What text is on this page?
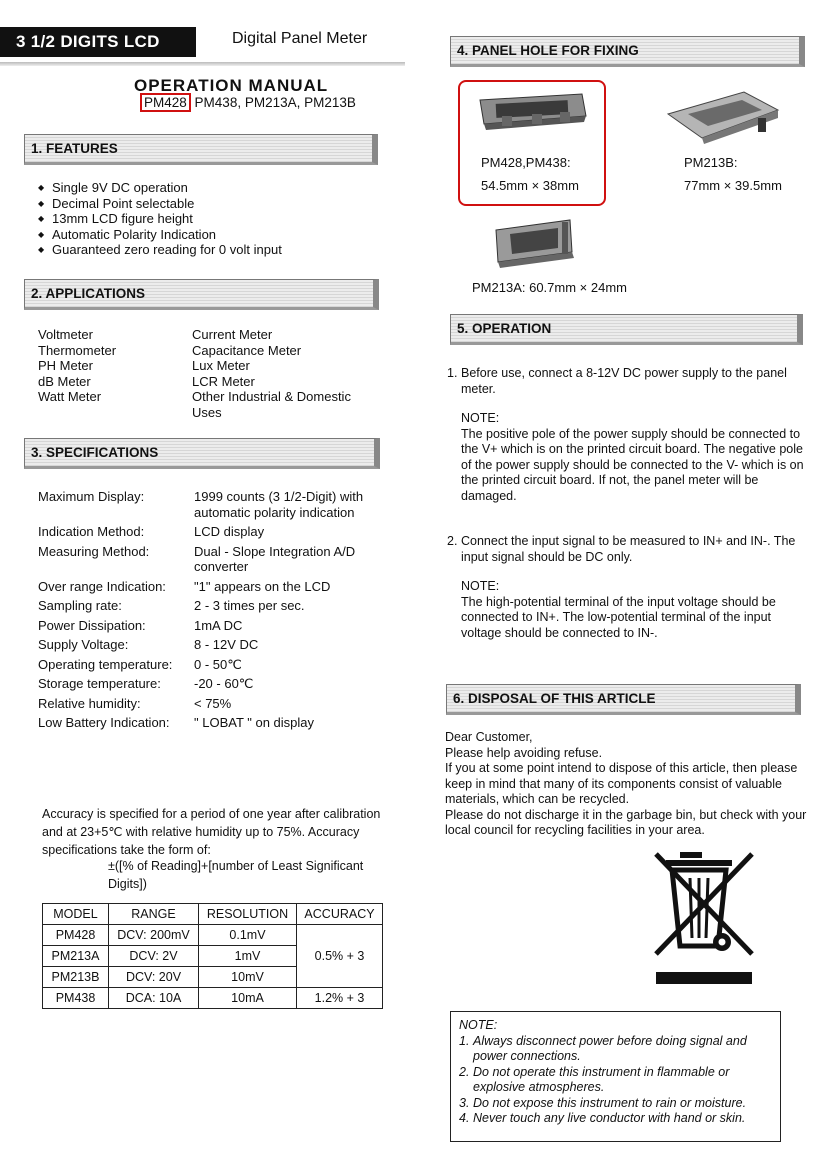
3 1/2 DIGITS LCD	Digital Panel Meter
OPERATION MANUAL
PM428 PM438, PM213A, PM213B
1. FEATURES
◆ Single 9V DC operation
◆ Decimal Point selectable
◆ 13mm LCD figure height
◆ Automatic Polarity Indication
◆ Guaranteed zero reading for 0 volt input
2. APPLICATIONS
Voltmeter	Current Meter
Thermometer	Capacitance Meter
PH Meter	Lux Meter
dB Meter	LCR Meter
Watt Meter	Other Industrial & Domestic Uses
3. SPECIFICATIONS
Maximum Display:	1999 counts (3 1/2-Digit) with automatic polarity indication
Indication Method:	LCD display
Measuring Method:	Dual - Slope Integration A/D converter
Over range Indication:	"1" appears on the LCD
Sampling rate:	2 - 3 times per sec.
Power Dissipation:	1mA DC
Supply Voltage:	8 - 12V DC
Operating temperature:	0 - 50℃
Storage temperature:	-20 - 60℃
Relative humidity:	< 75%
Low Battery Indication:	" LOBAT " on display
Accuracy is specified for a period of one year after calibration and at 23+5℃ with relative humidity up to 75%. Accuracy specifications take the form of:
±([% of Reading]+[number of Least Significant Digits])
MODEL	RANGE	RESOLUTION	ACCURACY
PM428	DCV: 200mV	0.1mV	0.5% + 3
PM213A	DCV: 2V	1mV	
PM213B	DCV: 20V	10mV	
PM438	DCA: 10A	10mA	1.2% + 3
4. PANEL HOLE FOR FIXING
PM428,PM438:
54.5mm × 38mm
PM213B:
77mm × 39.5mm
PM213A: 60.7mm × 24mm
5. OPERATION
1. Before use, connect a 8-12V DC power supply to the panel meter.
NOTE:
The positive pole of the power supply should be connected to the V+ which is on the printed circuit board. The negative pole of the power supply should be connected to the V- which is on the printed circuit board. If not, the panel meter will be damaged.
2. Connect the input signal to be measured to IN+ and IN-. The input signal should be DC only.
NOTE:
The high-potential terminal of the input voltage should be connected to IN+. The low-potential terminal of the input voltage should be connected to IN-.
6. DISPOSAL OF THIS ARTICLE
Dear Customer,
Please help avoiding refuse.
If you at some point intend to dispose of this article, then please keep in mind that many of its components consist of valuable materials, which can be recycled.
Please do not discharge it in the garbage bin, but check with your local council for recycling facilities in your area.
NOTE:
1. Always disconnect power before doing signal and power connections.
2. Do not operate this instrument in flammable or explosive atmospheres.
3. Do not expose this instrument to rain or moisture.
4. Never touch any live conductor with hand or skin.
